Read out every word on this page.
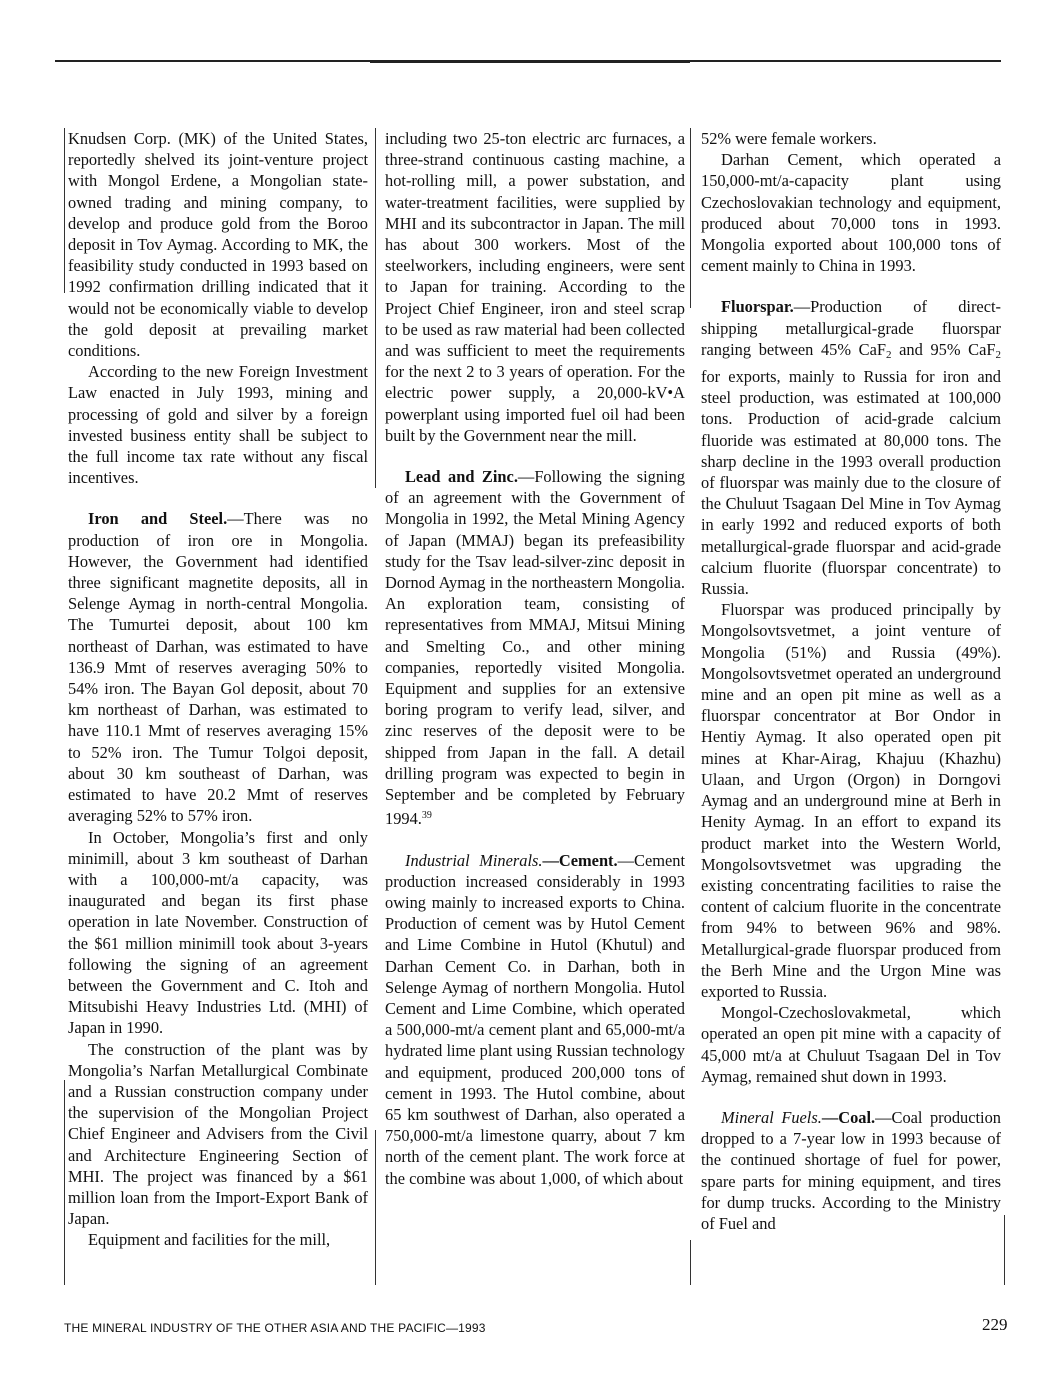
Knudsen Corp. (MK) of the United States, reportedly shelved its joint-venture project with Mongol Erdene, a Mongolian state-owned trading and mining company, to develop and produce gold from the Boroo deposit in Tov Aymag. According to MK, the feasibility study conducted in 1993 based on 1992 confirmation drilling indicated that it would not be economically viable to develop the gold deposit at prevailing market conditions.

According to the new Foreign Investment Law enacted in July 1993, mining and processing of gold and silver by a foreign invested business entity shall be subject to the full income tax rate without any fiscal incentives.

Iron and Steel.—There was no production of iron ore in Mongolia. However, the Government had identified three significant magnetite deposits, all in Selenge Aymag in north-central Mongolia. The Tumurtei deposit, about 100 km northeast of Darhan, was estimated to have 136.9 Mmt of reserves averaging 50% to 54% iron. The Bayan Gol deposit, about 70 km northeast of Darhan, was estimated to have 110.1 Mmt of reserves averaging 15% to 52% iron. The Tumur Tolgoi deposit, about 30 km southeast of Darhan, was estimated to have 20.2 Mmt of reserves averaging 52% to 57% iron.

In October, Mongolia’s first and only minimill, about 3 km southeast of Darhan with a 100,000-mt/a capacity, was inaugurated and began its first phase operation in late November. Construction of the $61 million minimill took about 3-years following the signing of an agreement between the Government and C. Itoh and Mitsubishi Heavy Industries Ltd. (MHI) of Japan in 1990.

The construction of the plant was by Mongolia’s Narfan Metallurgical Combinate and a Russian construction company under the supervision of the Mongolian Project Chief Engineer and Advisers from the Civil and Architecture Engineering Section of MHI. The project was financed by a $61 million loan from the Import-Export Bank of Japan.

Equipment and facilities for the mill,

including two 25-ton electric arc furnaces, a three-strand continuous casting machine, a hot-rolling mill, a power substation, and water-treatment facilities, were supplied by MHI and its subcontractor in Japan. The mill has about 300 workers. Most of the steelworkers, including engineers, were sent to Japan for training. According to the Project Chief Engineer, iron and steel scrap to be used as raw material had been collected and was sufficient to meet the requirements for the next 2 to 3 years of operation. For the electric power supply, a 20,000-kV•A powerplant using imported fuel oil had been built by the Government near the mill.

Lead and Zinc.—Following the signing of an agreement with the Government of Mongolia in 1992, the Metal Mining Agency of Japan (MMAJ) began its prefeasibility study for the Tsav lead-silver-zinc deposit in Dornod Aymag in the northeastern Mongolia. An exploration team, consisting of representatives from MMAJ, Mitsui Mining and Smelting Co., and other mining companies, reportedly visited Mongolia. Equipment and supplies for an extensive boring program to verify lead, silver, and zinc reserves of the deposit were to be shipped from Japan in the fall. A detail drilling program was expected to begin in September and be completed by February 1994.39

Industrial Minerals.—Cement.—Cement production increased considerably in 1993 owing mainly to increased exports to China. Production of cement was by Hutol Cement and Lime Combine in Hutol (Khutul) and Darhan Cement Co. in Darhan, both in Selenge Aymag of northern Mongolia. Hutol Cement and Lime Combine, which operated a 500,000-mt/a cement plant and 65,000-mt/a hydrated lime plant using Russian technology and equipment, produced 200,000 tons of cement in 1993. The Hutol combine, about 65 km southwest of Darhan, also operated a 750,000-mt/a limestone quarry, about 7 km north of the cement plant. The work force at the combine was about 1,000, of which about

52% were female workers.

Darhan Cement, which operated a 150,000-mt/a-capacity plant using Czechoslovakian technology and equipment, produced about 70,000 tons in 1993. Mongolia exported about 100,000 tons of cement mainly to China in 1993.

Fluorspar.—Production of direct-shipping metallurgical-grade fluorspar ranging between 45% CaF$_2$ and 95% CaF$_2$ for exports, mainly to Russia for iron and steel production, was estimated at 100,000 tons. Production of acid-grade calcium fluoride was estimated at 80,000 tons. The sharp decline in the 1993 overall production of fluorspar was mainly due to the closure of the Chuluut Tsagaan Del Mine in Tov Aymag in early 1992 and reduced exports of both metallurgical-grade fluorspar and acid-grade calcium fluorite (fluorspar concentrate) to Russia.

Fluorspar was produced principally by Mongolsovtsvetmet, a joint venture of Mongolia (51%) and Russia (49%). Mongolsovtsvetmet operated an underground mine and an open pit mine as well as a fluorspar concentrator at Bor Ondor in Hentiy Aymag. It also operated open pit mines at Khar-Airag, Khajuu (Khazhu) Ulaan, and Urgon (Orgon) in Dorngovi Aymag and an underground mine at Berh in Henity Aymag. In an effort to expand its product market into the Western World, Mongolsovtsvetmet was upgrading the existing concentrating facilities to raise the content of calcium fluorite in the concentrate from 94% to between 96% and 98%. Metallurgical-grade fluorspar produced from the Berh Mine and the Urgon Mine was exported to Russia.

Mongol-Czechoslovakmetal, which operated an open pit mine with a capacity of 45,000 mt/a at Chuluut Tsagaan Del in Tov Aymag, remained shut down in 1993.

Mineral Fuels.—Coal.—Coal production dropped to a 7-year low in 1993 because of the continued shortage of fuel for power, spare parts for mining equipment, and tires for dump trucks. According to the Ministry of Fuel and

THE MINERAL INDUSTRY OF THE OTHER ASIA AND THE PACIFIC—1993	229
